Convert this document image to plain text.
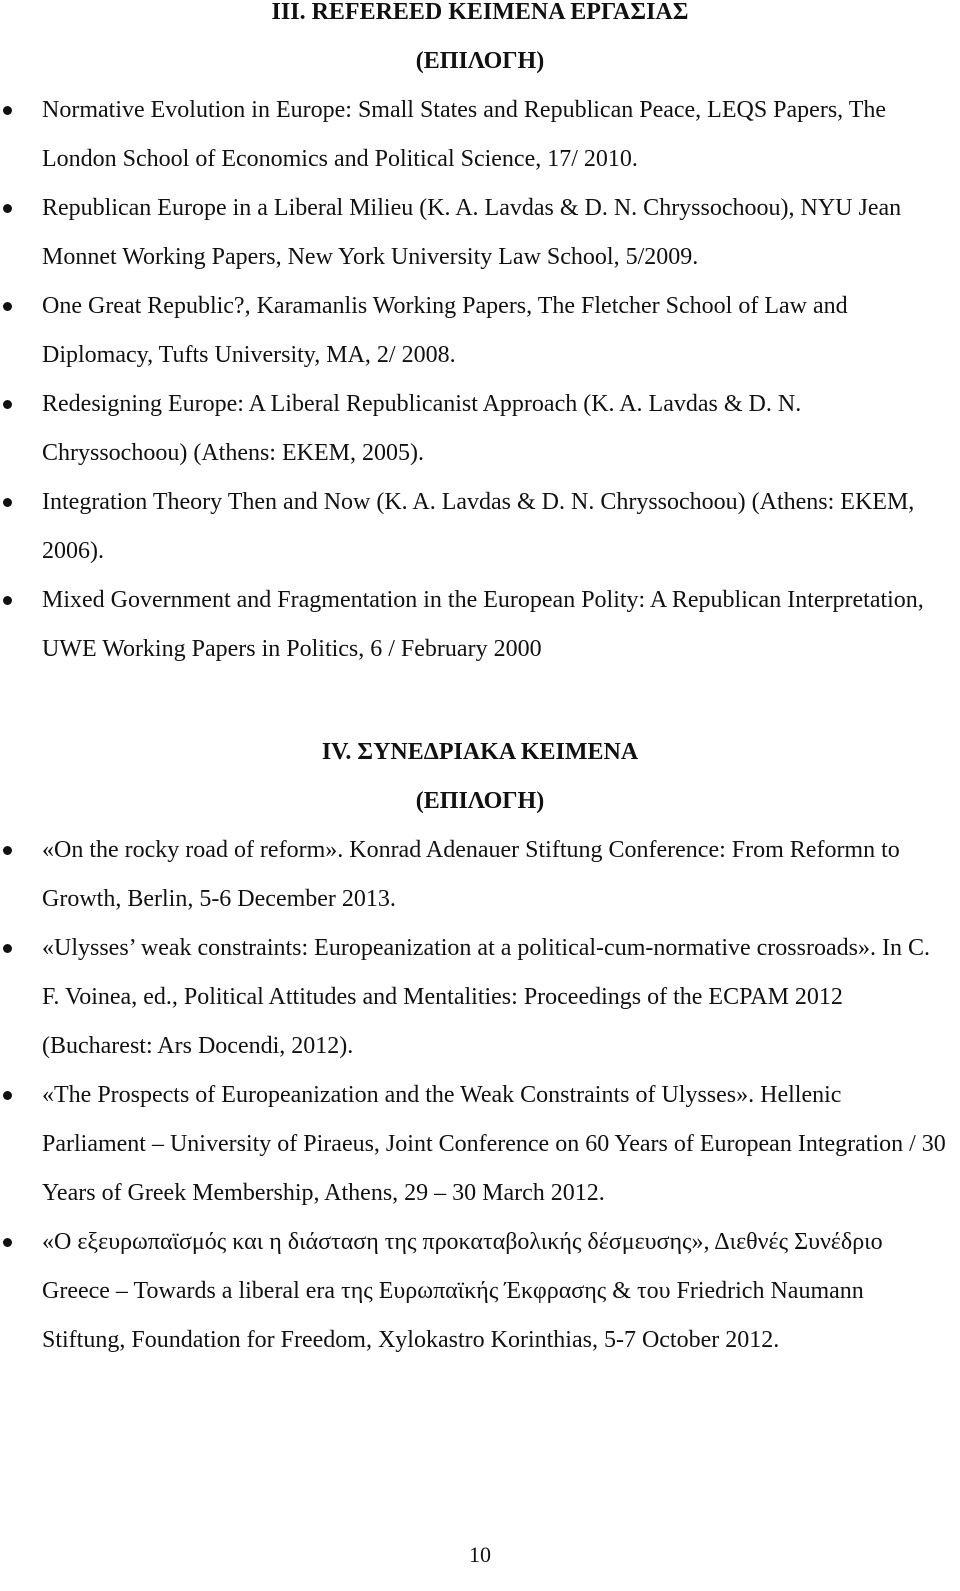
III. REFEREED ΚΕΙΜΕΝΑ ΕΡΓΑΣΙΑΣ

(ΕΠΙΛΟΓΗ)

Normative Evolution in Europe: Small States and Republican Peace, LEQS Papers, The London School of Economics and Political Science, 17/ 2010.
Republican Europe in a Liberal Milieu (K. A. Lavdas & D. N. Chryssochoou), NYU Jean Monnet Working Papers, New York University Law School, 5/2009.
One Great Republic?, Karamanlis Working Papers, The Fletcher School of Law and Diplomacy, Tufts University, MA, 2/ 2008.
Redesigning Europe: A Liberal Republicanist Approach (K. A. Lavdas & D. N. Chryssochoou) (Athens: EKEM, 2005).
Integration Theory Then and Now (K. A. Lavdas & D. N. Chryssochoou) (Athens: EKEM, 2006).
Mixed Government and Fragmentation in the European Polity: A Republican Interpretation, UWE Working Papers in Politics, 6 / February 2000

IV. ΣΥΝΕΔΡΙΑΚΑ ΚΕΙΜΕΝΑ

(ΕΠΙΛΟΓΗ)

«On the rocky road of reform». Konrad Adenauer Stiftung Conference: From Reformn to Growth, Berlin, 5-6 December 2013.
«Ulysses’ weak constraints: Europeanization at a political-cum-normative crossroads». In C. F. Voinea, ed., Political Attitudes and Mentalities: Proceedings of the ECPAM 2012 (Bucharest: Ars Docendi, 2012).
«The Prospects of Europeanization and the Weak Constraints of Ulysses». Hellenic Parliament – University of Piraeus, Joint Conference on 60 Years of European Integration / 30 Years of Greek Membership, Athens, 29 – 30 March 2012.
«Ο εξευρωπαϊσμός και η διάσταση της προκαταβολικής δέσμευσης», Διεθνές Συνέδριο Greece – Towards a liberal era της Ευρωπαϊκής Έκφρασης & του Friedrich Naumann Stiftung, Foundation for Freedom, Xylokastro Korinthias, 5-7 October 2012.
10
